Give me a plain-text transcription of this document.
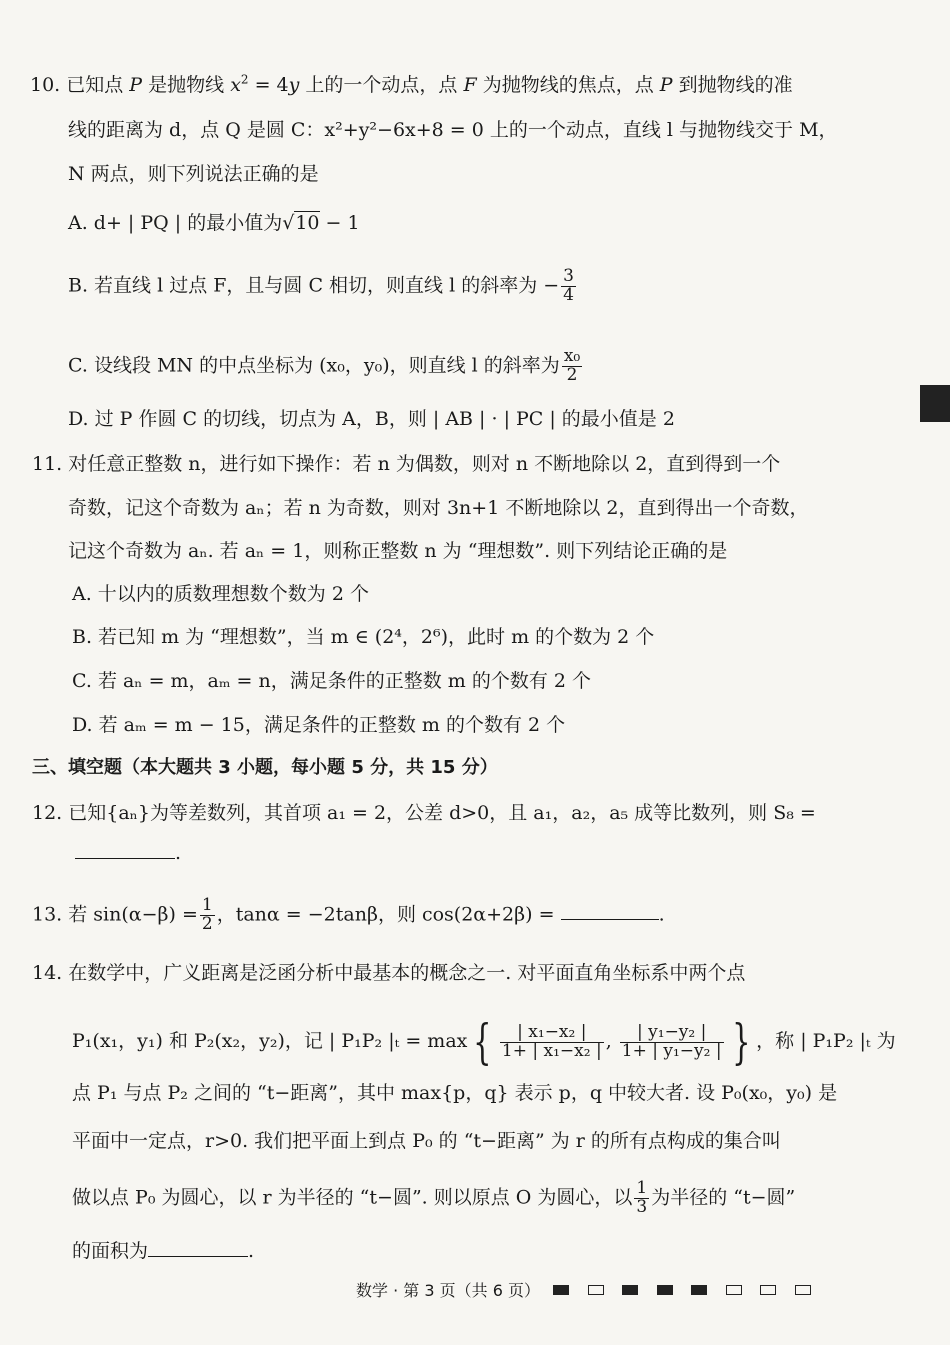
10. 已知点 P 是抛物线 $x^2 = 4y$ 上的一个动点，点 F 为抛物线的焦点，点 P 到抛物线的准
线的距离为 d，点 Q 是圆 C：x²+y²−6x+8 = 0 上的一个动点，直线 l 与抛物线交于 M，
N 两点，则下列说法正确的是
A. d+ | PQ | 的最小值为√10 − 1
B. 若直线 l 过点 F，且与圆 C 相切，则直线 l 的斜率为 − $\frac{3}{4}$
C. 设线段 MN 的中点坐标为 (x₀，y₀)，则直线 l 的斜率为 $\frac{\text{x₀}}{2}$
D. 过 P 作圆 C 的切线，切点为 A，B，则 | AB | · | PC | 的最小值是 2
11. 对任意正整数 n，进行如下操作：若 n 为偶数，则对 n 不断地除以 2，直到得到一个
奇数，记这个奇数为 aₙ；若 n 为奇数，则对 3n+1 不断地除以 2，直到得出一个奇数，
记这个奇数为 aₙ. 若 aₙ = 1，则称正整数 n 为 “理想数”. 则下列结论正确的是
A. 十以内的质数理想数个数为 2 个
B. 若已知 m 为 “理想数”，当 m ∈ (2⁴，2⁶)，此时 m 的个数为 2 个
C. 若 aₙ = m，aₘ = n，满足条件的正整数 m 的个数有 2 个
D. 若 aₘ = m − 15，满足条件的正整数 m 的个数有 2 个
三、填空题（本大题共 3 小题，每小题 5 分，共 15 分）
12. 已知{aₙ}为等差数列，其首项 a₁ = 2，公差 d>0，且 a₁，a₂，a₅ 成等比数列，则 S₈ =
.
13. 若 $\sin(\alpha-\beta) = \frac{1}{2}$ ，tanα = −2tanβ，则 cos(2α+2β) =	.
14. 在数学中，广义距离是泛函分析中最基本的概念之一. 对平面直角坐标系中两个点
P₁(x₁，y₁) 和 P₂(x₂，y₂)，记 | P₁P₂ |ₜ = max { $\frac{\text{| x₁−x₂ |}}{\text{1+ | x₁−x₂ |}}$ , $\frac{\text{| y₁−y₂ |}}{\text{1+ | y₁−y₂ |}}$ } ，称 | P₁P₂ |ₜ 为
点 P₁ 与点 P₂ 之间的 “t−距离”，其中 max{p，q} 表示 p，q 中较大者. 设 P₀(x₀，y₀) 是
平面中一定点，r>0. 我们把平面上到点 P₀ 的 “t−距离” 为 r 的所有点构成的集合叫
做以点 P₀ 为圆心，以 r 为半径的 “t−圆”. 则以原点 O 为圆心，以 $\frac{1}{3}$ 为半径的 “t−圆”
的面积为	.
数学 · 第 3 页（共 6 页）
